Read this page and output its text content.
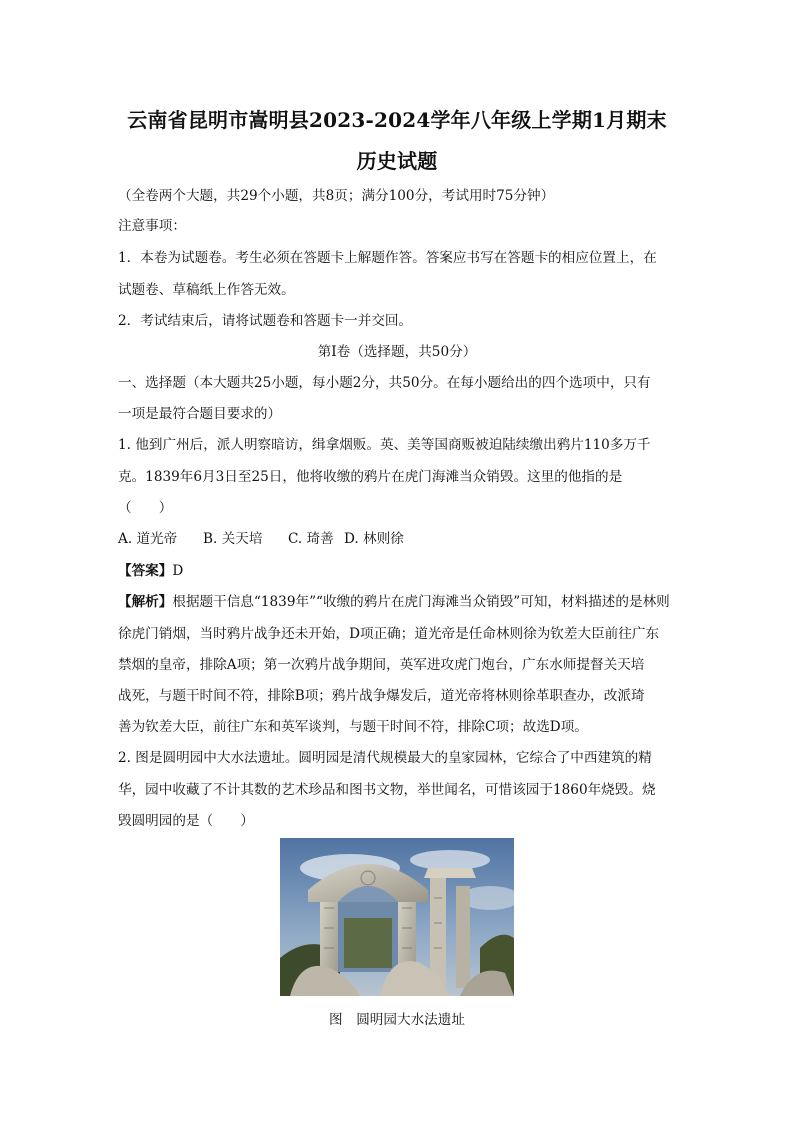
云南省昆明市嵩明县2023-2024学年八年级上学期1月期末
历史试题
（全卷两个大题，共29个小题，共8页；满分100分，考试用时75分钟）
注意事项：
1．本卷为试题卷。考生必须在答题卡上解题作答。答案应书写在答题卡的相应位置上，在
试题卷、草稿纸上作答无效。
2．考试结束后，请将试题卷和答题卡一并交回。
第Ⅰ卷（选择题，共50分）
一、选择题（本大题共25小题，每小题2分，共50分。在每小题给出的四个选项中，只有
一项是最符合题目要求的）
1. 他到广州后，派人明察暗访，缉拿烟贩。英、美等国商贩被迫陆续缴出鸦片110多万千
克。1839年6月3日至25日，他将收缴的鸦片在虎门海滩当众销毁。这里的他指的是
（　　）
A. 道光帝 B. 关天培 C. 琦善 D. 林则徐
【答案】D
【解析】根据题干信息“1839年”“收缴的鸦片在虎门海滩当众销毁”可知，材料描述的是林则
徐虎门销烟，当时鸦片战争还未开始，D项正确；道光帝是任命林则徐为钦差大臣前往广东
禁烟的皇帝，排除A项；第一次鸦片战争期间，英军进攻虎门炮台，广东水师提督关天培
战死，与题干时间不符，排除B项；鸦片战争爆发后，道光帝将林则徐革职查办，改派琦
善为钦差大臣，前往广东和英军谈判，与题干时间不符，排除C项；故选D项。
2. 图是圆明园中大水法遗址。圆明园是清代规模最大的皇家园林，它综合了中西建筑的精
华，园中收藏了不计其数的艺术珍品和图书文物，举世闻名，可惜该园于1860年烧毁。烧
毁圆明园的是（　　）
图　圆明园大水法遗址
